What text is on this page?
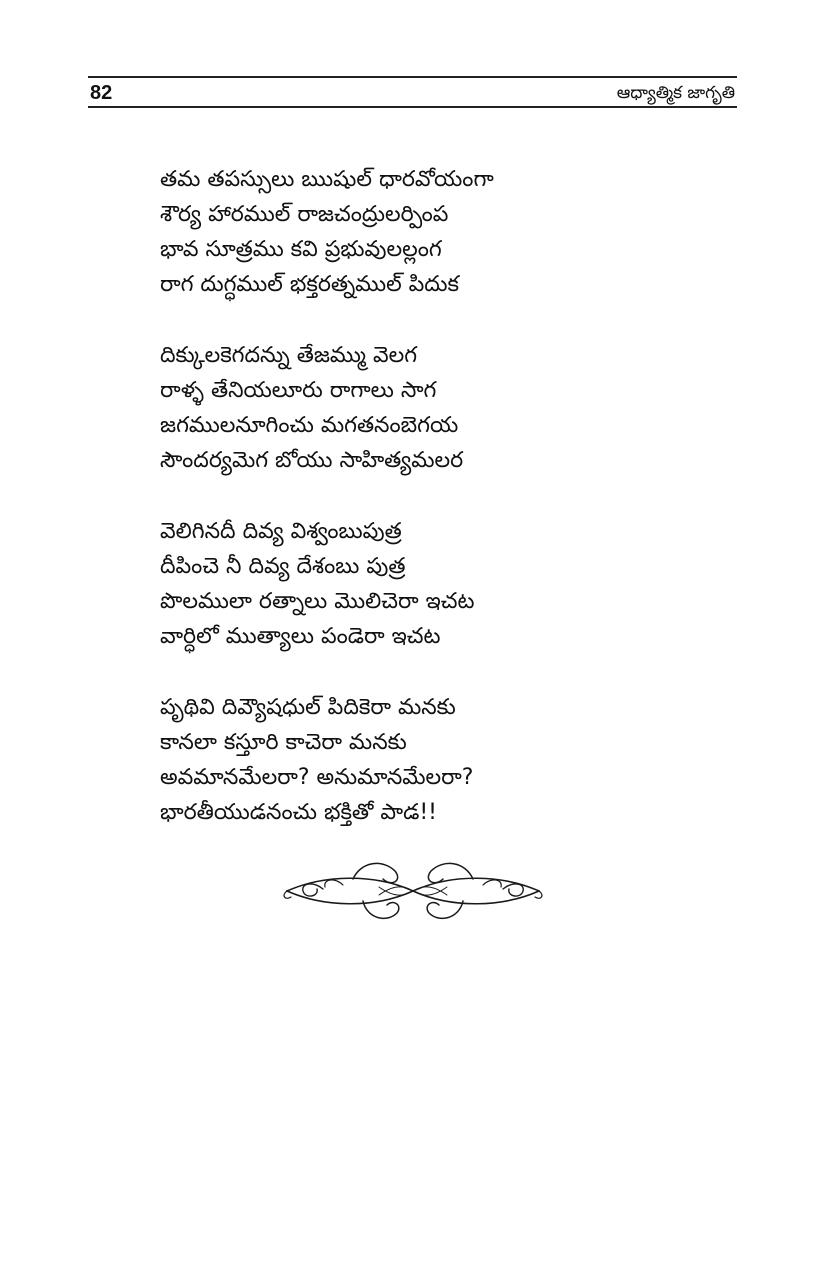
82	ఆధ్యాత్మిక జాగృతి
తమ తపస్సులు ఋషుల్ ధారవోయంగా
శౌర్య హారముల్ రాజచంద్రులర్పింప
భావ సూత్రము కవి ప్రభువులల్లంగ
రాగ దుగ్ధముల్ భక్తరత్నముల్ పిదుక
దిక్కులకెగదన్ను తేజమ్ము వెలగ
రాళ్ళ తేనియలూరు రాగాలు సాగ
జగములనూగించు మగతనంబెగయ
సౌందర్యమెగ బోయు సాహిత్యమలర
వెలిగినదీ దివ్య విశ్వంబుపుత్ర
దీపించె నీ దివ్య దేశంబు పుత్ర
పొలములా రత్నాలు మొలిచెరా ఇచట
వార్ధిలో ముత్యాలు పండెరా ఇచట
పృథివి దివ్యౌషధుల్ పిదికెరా మనకు
కానలా కస్తూరి కాచెరా మనకు
అవమానమేలరా? అనుమానమేలరా?
భారతీయుడనంచు భక్తితో పాడ!!
